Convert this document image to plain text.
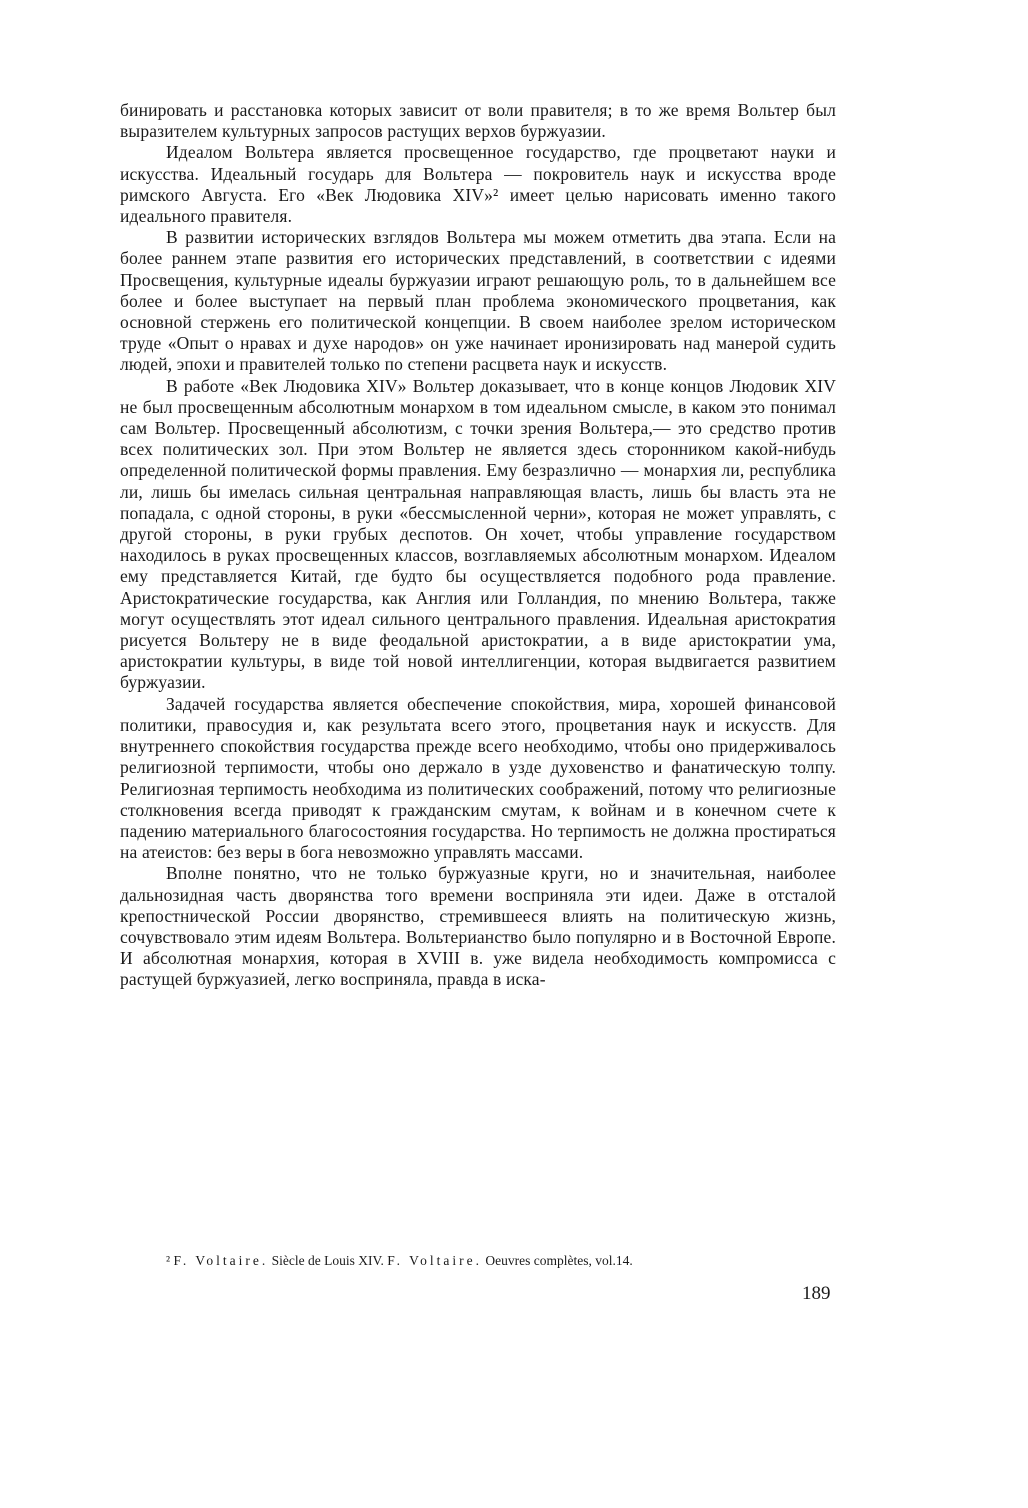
бинировать и расстановка которых зависит от воли правителя; в то же время Вольтер был выразителем культурных запросов растущих верхов буржуазии.

Идеалом Вольтера является просвещенное государство, где процветают науки и искусства. Идеальный государь для Вольтера — покровитель наук и искусства вроде римского Августа. Его «Век Людовика XIV»² имеет целью нарисовать именно такого идеального правителя.

В развитии исторических взглядов Вольтера мы можем отметить два этапа. Если на более раннем этапе развития его исторических представлений, в соответствии с идеями Просвещения, культурные идеалы буржуазии играют решающую роль, то в дальнейшем все более и более выступает на первый план проблема экономического процветания, как основной стержень его политической концепции. В своем наиболее зрелом историческом труде «Опыт о нравах и духе народов» он уже начинает иронизировать над манерой судить людей, эпохи и правителей только по степени расцвета наук и искусств.

В работе «Век Людовика XIV» Вольтер доказывает, что в конце концов Людовик XIV не был просвещенным абсолютным монархом в том идеальном смысле, в каком это понимал сам Вольтер. Просвещенный абсолютизм, с точки зрения Вольтера,— это средство против всех политических зол. При этом Вольтер не является здесь сторонником какой-нибудь определенной политической формы правления. Ему безразлично — монархия ли, республика ли, лишь бы имелась сильная центральная направляющая власть, лишь бы власть эта не попадала, с одной стороны, в руки «бессмысленной черни», которая не может управлять, с другой стороны, в руки грубых деспотов. Он хочет, чтобы управление государством находилось в руках просвещенных классов, возглавляемых абсолютным монархом. Идеалом ему представляется Китай, где будто бы осуществляется подобного рода правление. Аристократические государства, как Англия или Голландия, по мнению Вольтера, также могут осуществлять этот идеал сильного центрального правления. Идеальная аристократия рисуется Вольтеру не в виде феодальной аристократии, а в виде аристократии ума, аристократии культуры, в виде той новой интеллигенции, которая выдвигается развитием буржуазии.

Задачей государства является обеспечение спокойствия, мира, хорошей финансовой политики, правосудия и, как результата всего этого, процветания наук и искусств. Для внутреннего спокойствия государства прежде всего необходимо, чтобы оно придерживалось религиозной терпимости, чтобы оно держало в узде духовенство и фанатическую толпу. Религиозная терпимость необходима из политических соображений, потому что религиозные столкновения всегда приводят к гражданским смутам, к войнам и в конечном счете к падению материального благосостояния государства. Но терпимость не должна простираться на атеистов: без веры в бога невозможно управлять массами.

Вполне понятно, что не только буржуазные круги, но и значительная, наиболее дальнозидная часть дворянства того времени восприняла эти идеи. Даже в отсталой крепостнической России дворянство, стремившееся влиять на политическую жизнь, сочувствовало этим идеям Вольтера. Вольтерианство было популярно и в Восточной Европе. И абсолютная монархия, которая в XVIII в. уже видела необходимость компромисса с растущей буржуазией, легко восприняла, правда в иска-

² F. Voltaire. Siècle de Louis XIV. F. Voltaire. Oeuvres complètes, vol.14.
189
